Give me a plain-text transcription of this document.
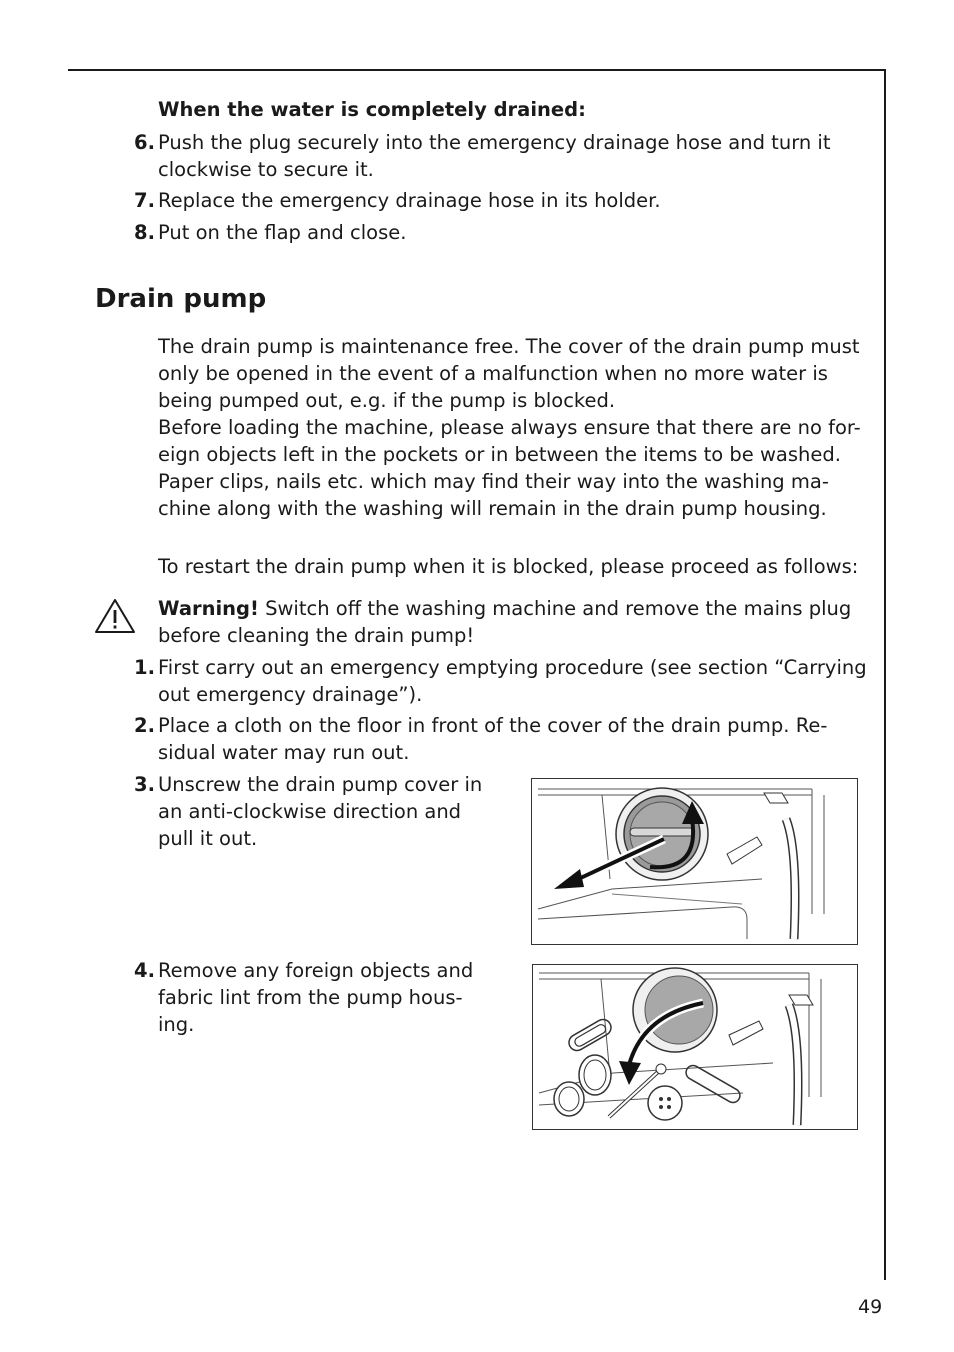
When the water is completely drained:
6. Push the plug securely into the emergency drainage hose and turn it
clockwise to secure it.
7. Replace the emergency drainage hose in its holder.
8. Put on the flap and close.
Drain pump
The drain pump is maintenance free. The cover of the drain pump must
only be opened in the event of a malfunction when no more water is
being pumped out, e.g. if the pump is blocked.
Before loading the machine, please always ensure that there are no for-
eign objects left in the pockets or in between the items to be washed.
Paper clips, nails etc. which may find their way into the washing ma-
chine along with the washing will remain in the drain pump housing.
To restart the drain pump when it is blocked, please proceed as follows:
Warning! Switch off the washing machine and remove the mains plug
before cleaning the drain pump!
1. First carry out an emergency emptying procedure (see section “Carrying
out emergency drainage”).
2. Place a cloth on the floor in front of the cover of the drain pump. Re-
sidual water may run out.
3. Unscrew the drain pump cover in
an anti-clockwise direction and
pull it out.
4. Remove any foreign objects and
fabric lint from the pump hous-
ing.
49
